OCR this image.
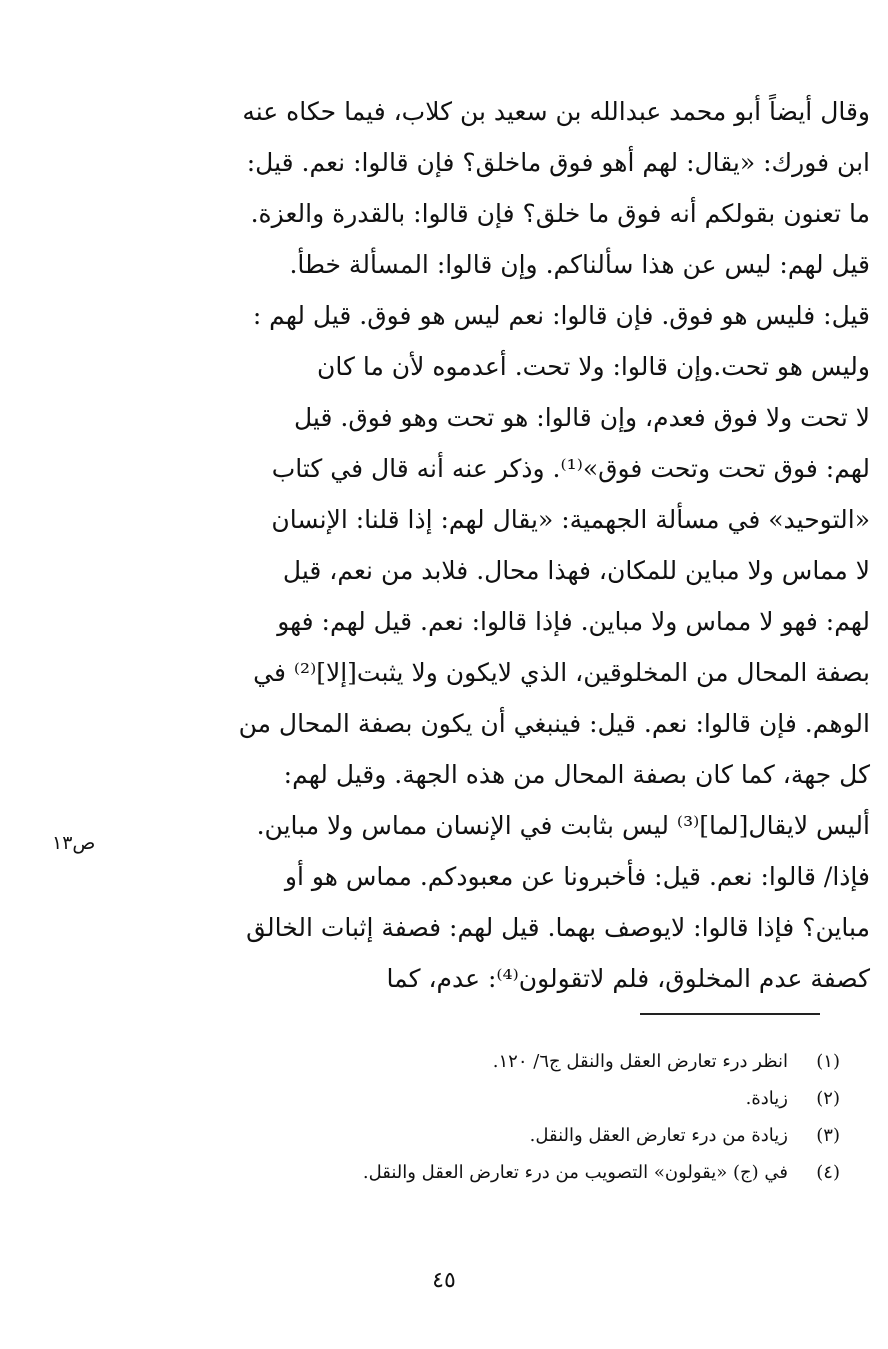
وقال أيضاً أبو محمد عبدالله بن سعيد بن كلاب، فيما حكاه عنه
ابن فورك: «يقال: لهم أهو فوق ماخلق؟ فإن قالوا: نعم. قيل:
ما تعنون بقولكم أنه فوق ما خلق؟ فإن قالوا: بالقدرة والعزة.
قيل لهم: ليس عن هذا سألناكم. وإن قالوا: المسألة خطأ.
قيل: فليس هو فوق. فإن قالوا: نعم ليس هو فوق. قيل لهم :
وليس هو تحت.وإن قالوا: ولا تحت. أعدموه لأن ما كان
لا تحت ولا فوق فعدم، وإن قالوا: هو تحت وهو فوق. قيل
لهم: فوق تحت وتحت فوق»⁽¹⁾. وذكر عنه أنه قال في كتاب
«التوحيد» في مسألة الجهمية: «يقال لهم: إذا قلنا: الإنسان
لا مماس ولا مباين للمكان، فهذا محال. فلابد من نعم، قيل
لهم: فهو لا مماس ولا مباين. فإذا قالوا: نعم. قيل لهم: فهو
بصفة المحال من المخلوقين، الذي لايكون ولا يثبت[إلا]⁽²⁾ في
الوهم. فإن قالوا: نعم. قيل: فينبغي أن يكون بصفة المحال من
كل جهة، كما كان بصفة المحال من هذه الجهة. وقيل لهم:
أليس لايقال[لما]⁽³⁾ ليس بثابت في الإنسان مماس ولا مباين.
فإذا/ قالوا: نعم. قيل: فأخبرونا عن معبودكم. مماس هو أو
مباين؟ فإذا قالوا: لايوصف بهما. قيل لهم: فصفة إثبات الخالق
كصفة عدم المخلوق، فلم لاتقولون⁽⁴⁾: عدم، كما
ص١٣
(١)انظر درء تعارض العقل والنقل ج٦/ ١٢٠.
(٢)زيادة.
(٣)زيادة من درء تعارض العقل والنقل.
(٤)في (ج) «يقولون» التصويب من درء تعارض العقل والنقل.
٤٥
